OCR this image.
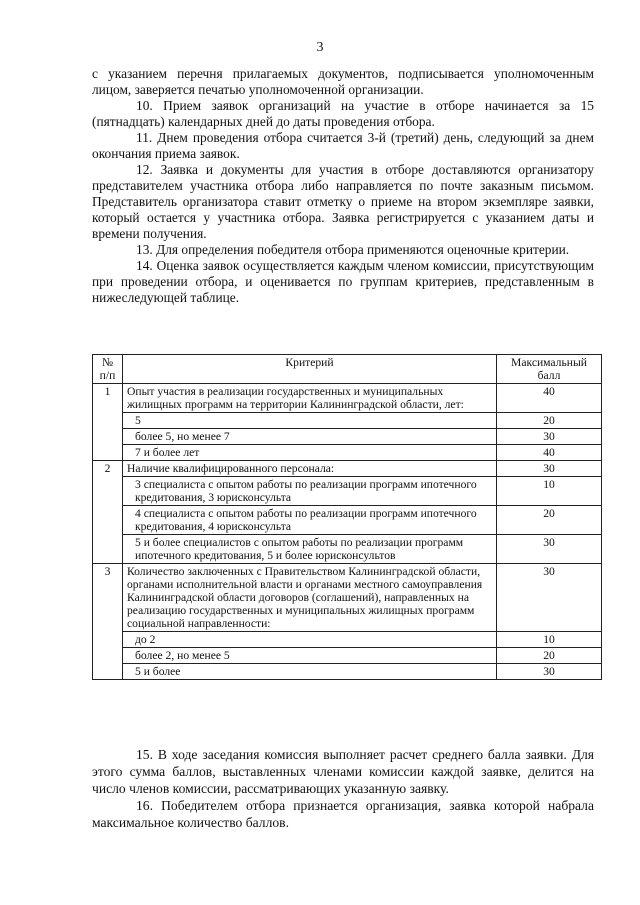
3

с указанием перечня прилагаемых документов, подписывается уполномоченным лицом, заверяется печатью уполномоченной организации.

10. Прием заявок организаций на участие в отборе начинается за 15 (пятнадцать) календарных дней до даты проведения отбора.

11. Днем проведения отбора считается 3-й (третий) день, следующий за днем окончания приема заявок.

12. Заявка и документы для участия в отборе доставляются организатору представителем участника отбора либо направляется по почте заказным письмом. Представитель организатора ставит отметку о приеме на втором экземпляре заявки, который остается у участника отбора. Заявка регистрируется с указанием даты и времени получения.

13. Для определения победителя отбора применяются оценочные критерии.

14. Оценка заявок осуществляется каждым членом комиссии, присутствующим при проведении отбора, и оценивается по группам критериев, представленным в нижеследующей таблице.

№ п/п	Критерий	Максимальный балл
1	Опыт участия в реализации государственных и муниципальных жилищных программ на территории Калининградской области, лет:	40
	5	20
	более 5, но менее 7	30
	7 и более лет	40
2	Наличие квалифицированного персонала:	30
	3 специалиста с опытом работы по реализации программ ипотечного кредитования, 3 юрисконсульта	10
	4 специалиста с опытом работы по реализации программ ипотечного кредитования, 4 юрисконсульта	20
	5 и более специалистов с опытом работы по реализации программ ипотечного кредитования, 5 и более юрисконсультов	30
3	Количество заключенных с Правительством Калининградской области, органами исполнительной власти и органами местного самоуправления Калининградской области договоров (соглашений), направленных на реализацию государственных и муниципальных жилищных программ социальной направленности:	30
	до 2	10
	более 2, но менее 5	20
	5 и более	30

15. В ходе заседания комиссия выполняет расчет среднего балла заявки. Для этого сумма баллов, выставленных членами комиссии каждой заявке, делится на число членов комиссии, рассматривающих указанную заявку.

16. Победителем отбора признается организация, заявка которой набрала максимальное количество баллов.
